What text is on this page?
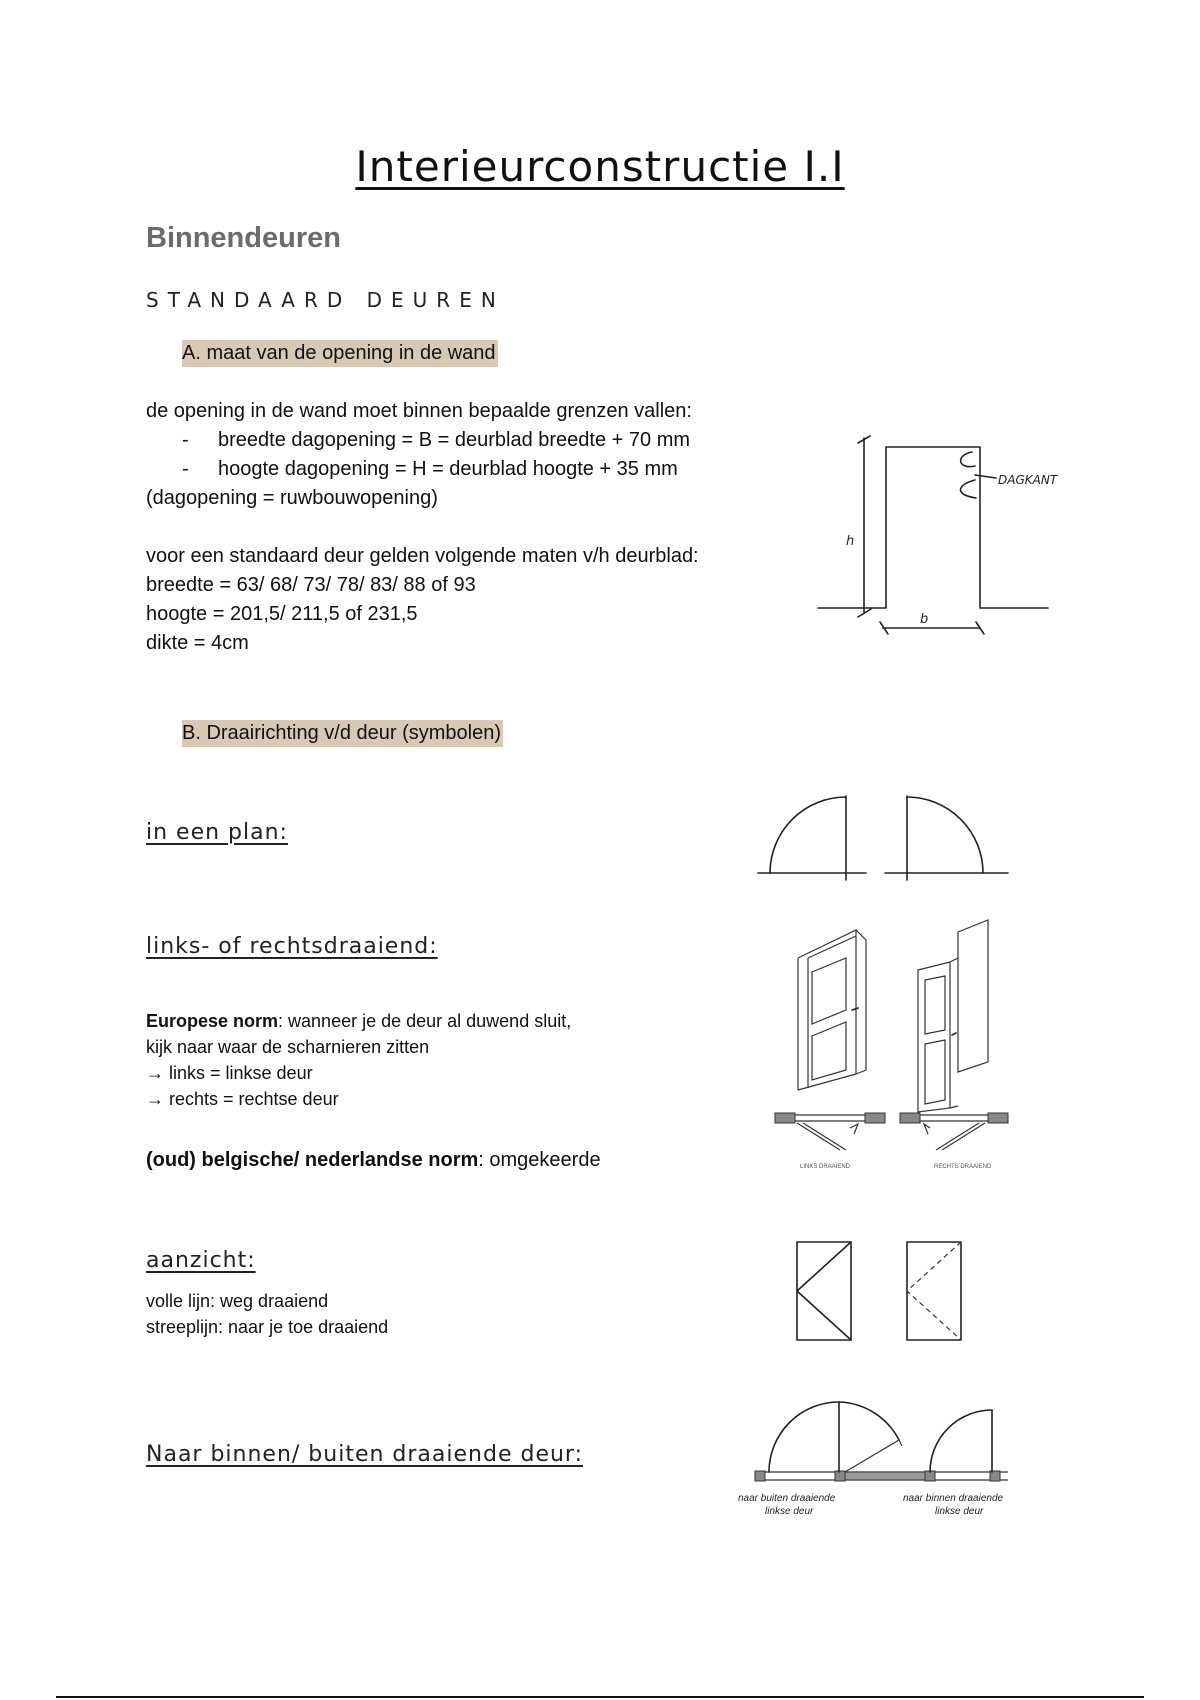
Interieurconstructie I.I
Binnendeuren
STANDAARD DEUREN
A. maat van de opening in de wand
de opening in de wand moet binnen bepaalde grenzen vallen:
- breedte dagopening = B = deurblad breedte + 70 mm
- hoogte dagopening = H = deurblad hoogte + 35 mm
(dagopening = ruwbouwopening)
voor een standaard deur gelden volgende maten v/h deurblad:
breedte = 63/ 68/ 73/ 78/ 83/ 88 of 93
hoogte = 201,5/ 211,5 of 231,5
dikte = 4cm
h
b
DAGKANT
B. Draairichting v/d deur (symbolen)
in een plan:
links- of rechtsdraaiend:
Europese norm: wanneer je de deur al duwend sluit,
kijk naar waar de scharnieren zitten
→ links = linkse deur
→ rechts = rechtse deur
(oud) belgische/ nederlandse norm: omgekeerde	LINKS DRAAIEND	RECHTS DRAAIEND
aanzicht:
volle lijn: weg draaiend
streeplijn: naar je toe draaiend
Naar binnen/ buiten draaiende deur:
naar buiten draaiende
linkse deur
naar binnen draaiende
linkse deur
